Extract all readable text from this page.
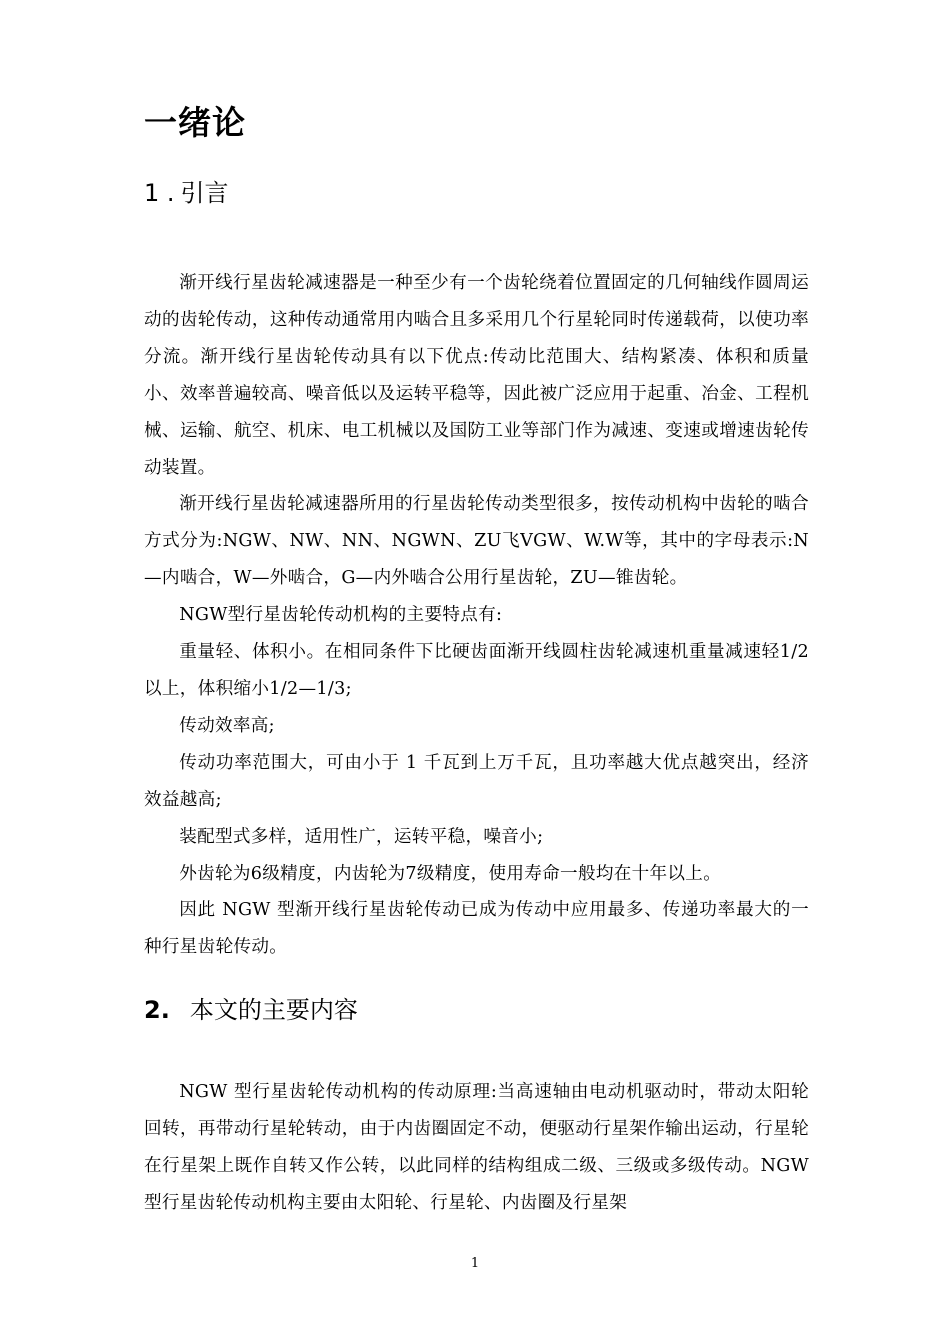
一绪论
1 . 引言

渐开线行星齿轮减速器是一种至少有一个齿轮绕着位置固定的几何轴线作圆周运动的齿轮传动，这种传动通常用内啮合且多采用几个行星轮同时传递载荷，以使功率分流。渐开线行星齿轮传动具有以下优点:传动比范围大、结构紧凑、体积和质量小、效率普遍较高、噪音低以及运转平稳等，因此被广泛应用于起重、冶金、工程机械、运输、航空、机床、电工机械以及国防工业等部门作为减速、变速或增速齿轮传动装置。

渐开线行星齿轮减速器所用的行星齿轮传动类型很多，按传动机构中齿轮的啮合方式分为:NGW、NW、NN、NGWN、ZU飞VGW、W.W等，其中的字母表示:N—内啮合，W—外啮合，G—内外啮合公用行星齿轮，ZU—锥齿轮。

NGW型行星齿轮传动机构的主要特点有:

重量轻、体积小。在相同条件下比硬齿面渐开线圆柱齿轮减速机重量减速轻1/2以上，体积缩小1/2—1/3;

传动效率高;

传动功率范围大，可由小于 1 千瓦到上万千瓦，且功率越大优点越突出，经济效益越高;

装配型式多样，适用性广，运转平稳，噪音小;

外齿轮为6级精度，内齿轮为7级精度，使用寿命一般均在十年以上。

因此 NGW 型渐开线行星齿轮传动已成为传动中应用最多、传递功率最大的一种行星齿轮传动。

2. 本文的主要内容

NGW 型行星齿轮传动机构的传动原理:当高速轴由电动机驱动时，带动太阳轮回转，再带动行星轮转动，由于内齿圈固定不动，便驱动行星架作输出运动，行星轮在行星架上既作自转又作公转，以此同样的结构组成二级、三级或多级传动。NGW型行星齿轮传动机构主要由太阳轮、行星轮、内齿圈及行星架

1
